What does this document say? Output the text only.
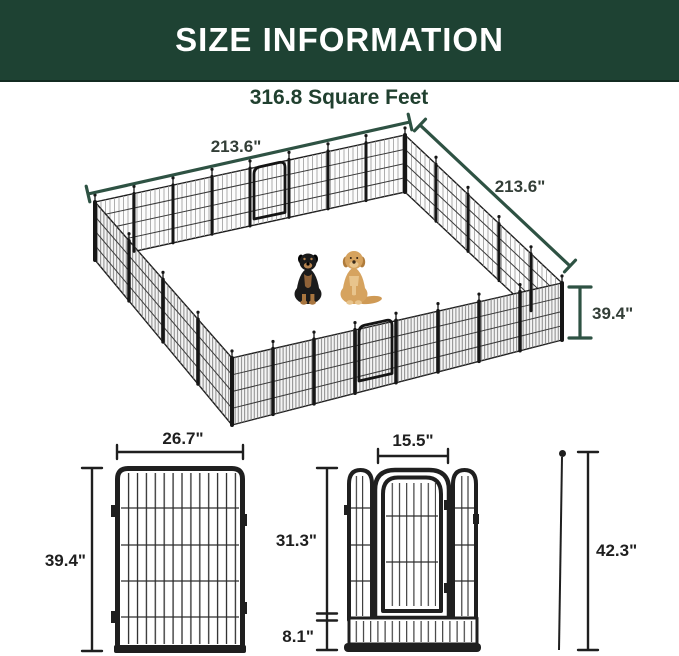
SIZE INFORMATION
316.8 Square Feet
213.6"
213.6"
39.4"
26.7"
39.4"
15.5"
31.3"
8.1"
42.3"
